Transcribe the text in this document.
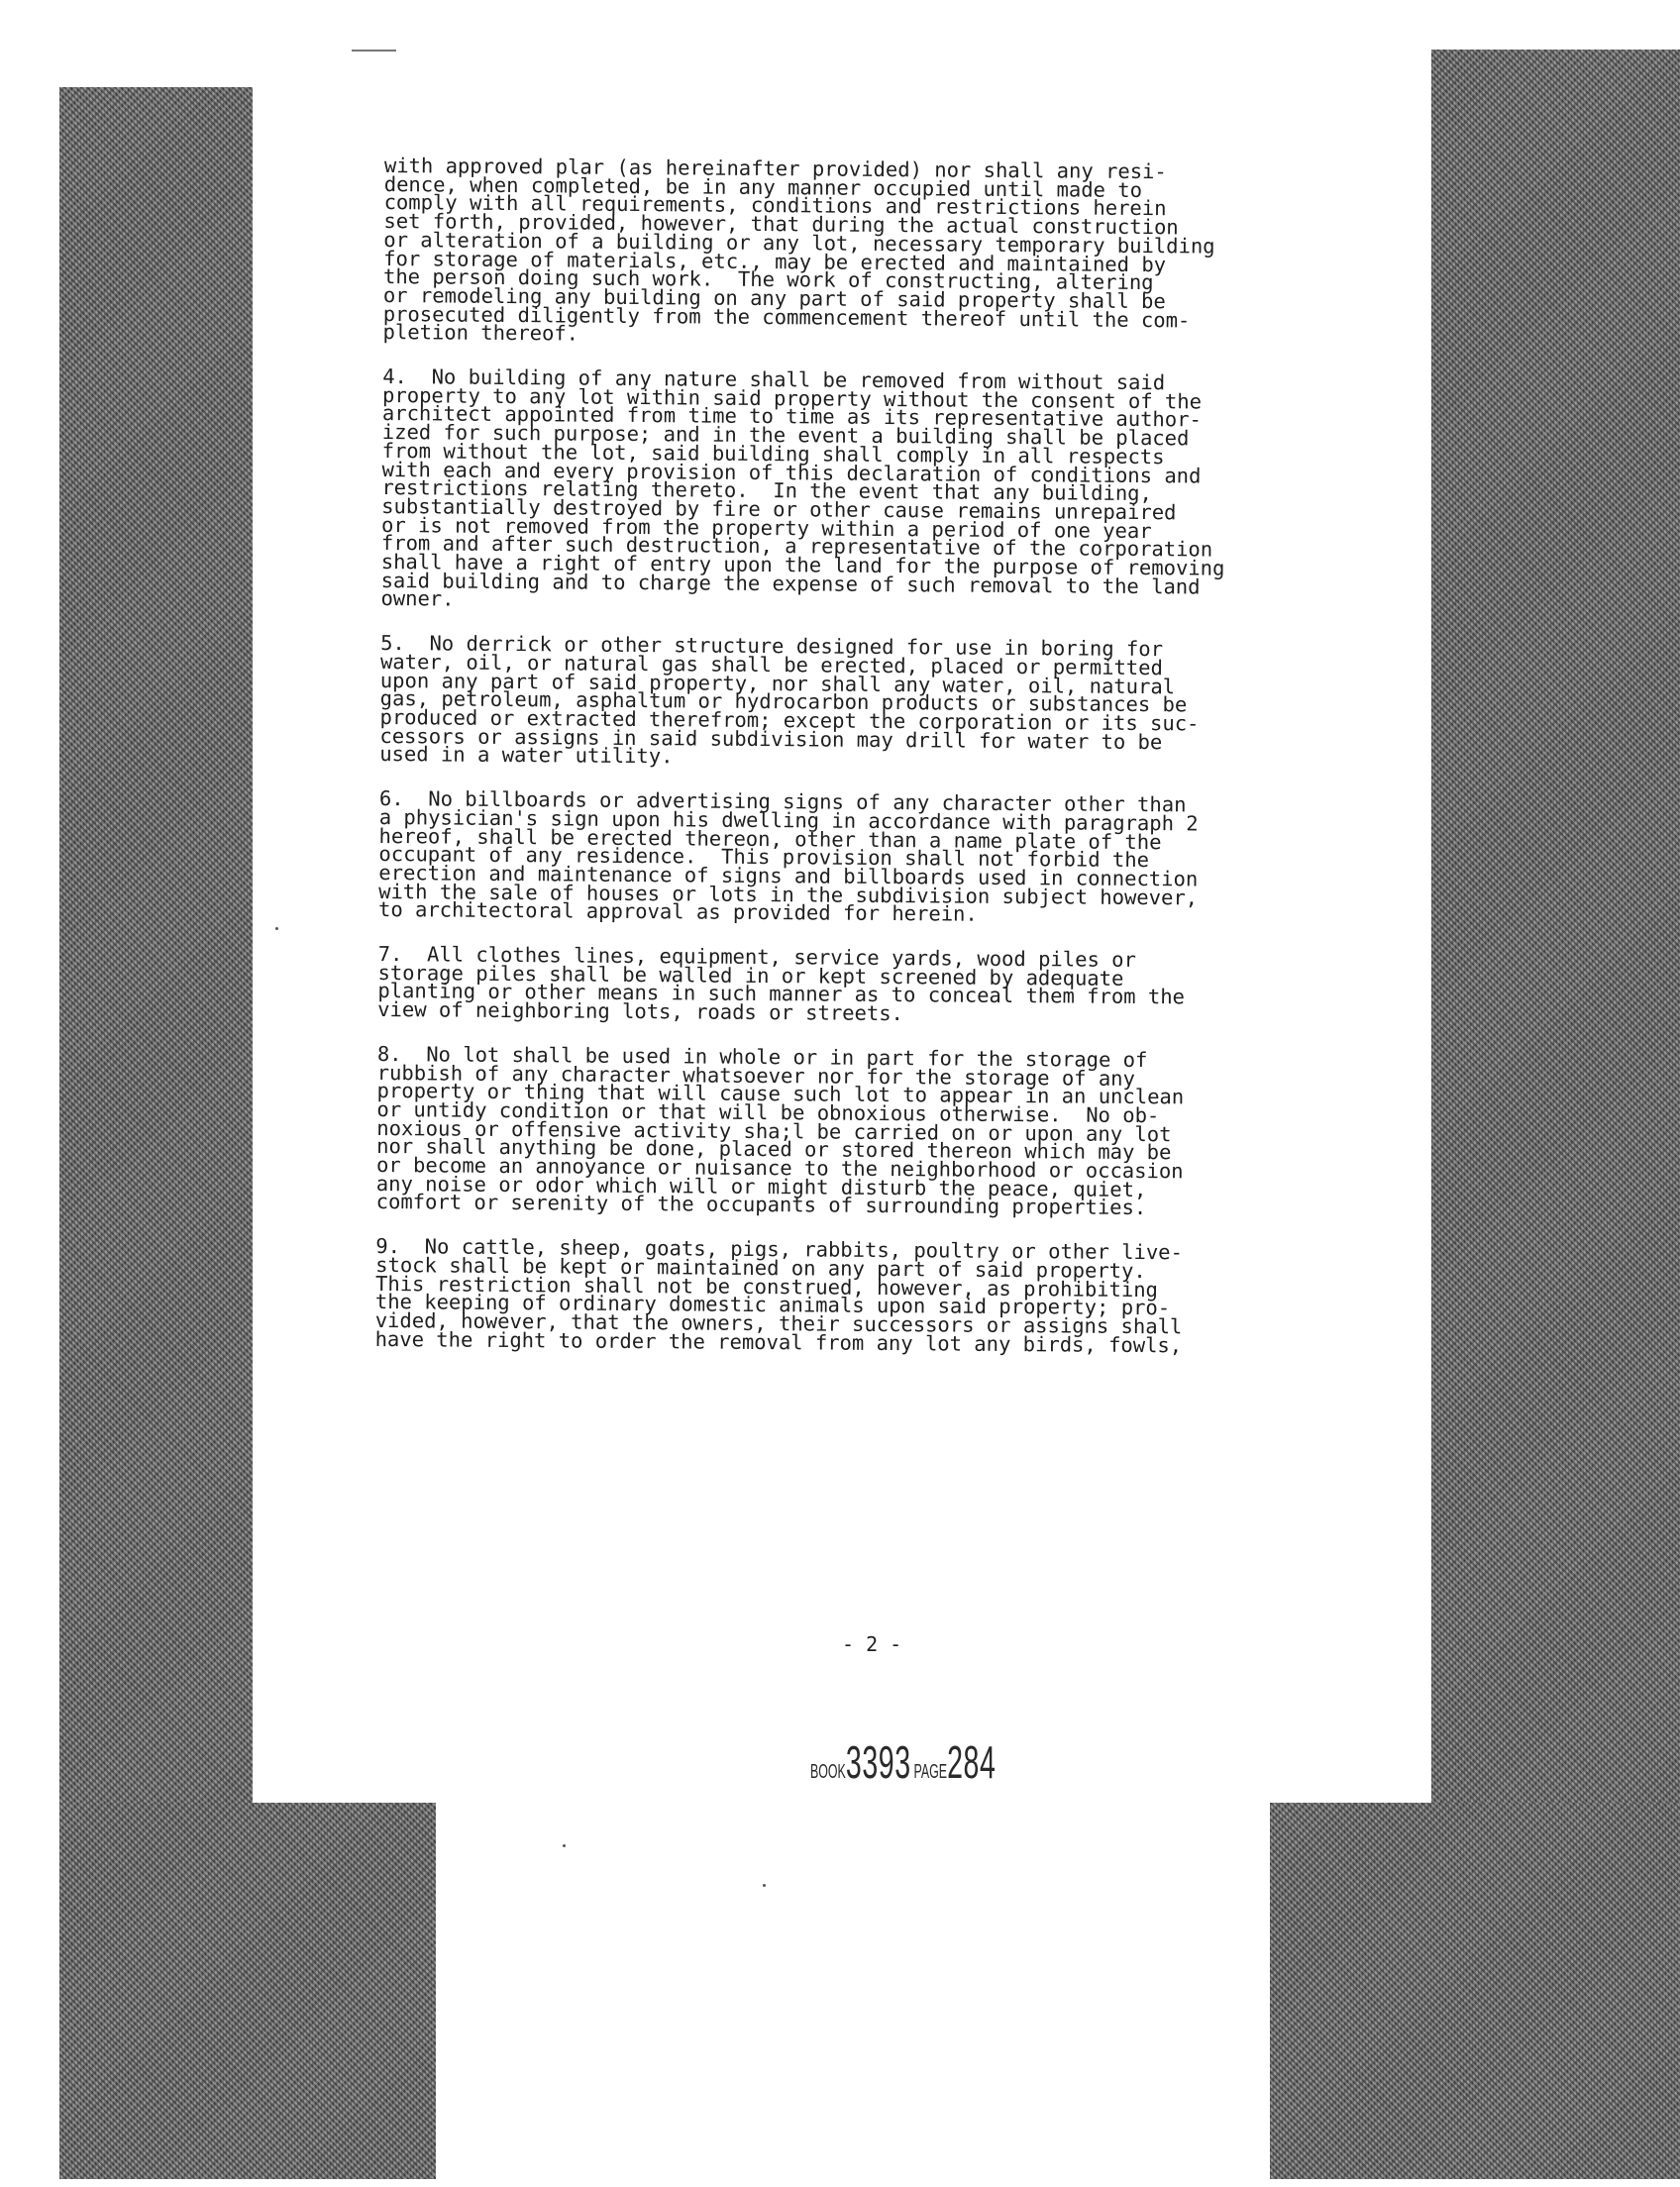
with approved plar (as hereinafter provided) nor shall any resi-
dence, when completed, be in any manner occupied until made to
comply with all requirements, conditions and restrictions herein
set forth, provided, however, that during the actual construction
or alteration of a building or any lot, necessary temporary building
for storage of materials, etc., may be erected and maintained by
the person doing such work.  The work of constructing, altering
or remodeling any building on any part of said property shall be
prosecuted diligently from the commencement thereof until the com-
pletion thereof.

4.  No building of any nature shall be removed from without said
property to any lot within said property without the consent of the
architect appointed from time to time as its representative author-
ized for such purpose; and in the event a building shall be placed
from without the lot, said building shall comply in all respects
with each and every provision of this declaration of conditions and
restrictions relating thereto.  In the event that any building,
substantially destroyed by fire or other cause remains unrepaired
or is not removed from the property within a period of one year
from and after such destruction, a representative of the corporation
shall have a right of entry upon the land for the purpose of removing
said building and to charge the expense of such removal to the land
owner.

5.  No derrick or other structure designed for use in boring for
water, oil, or natural gas shall be erected, placed or permitted
upon any part of said property, nor shall any water, oil, natural
gas, petroleum, asphaltum or hydrocarbon products or substances be
produced or extracted therefrom; except the corporation or its suc-
cessors or assigns in said subdivision may drill for water to be
used in a water utility.

6.  No billboards or advertising signs of any character other than
a physician's sign upon his dwelling in accordance with paragraph 2
hereof, shall be erected thereon, other than a name plate of the
occupant of any residence.  This provision shall not forbid the
erection and maintenance of signs and billboards used in connection
with the sale of houses or lots in the subdivision subject however,
to architectoral approval as provided for herein.

7.  All clothes lines, equipment, service yards, wood piles or
storage piles shall be walled in or kept screened by adequate
planting or other means in such manner as to conceal them from the
view of neighboring lots, roads or streets.

8.  No lot shall be used in whole or in part for the storage of
rubbish of any character whatsoever nor for the storage of any
property or thing that will cause such lot to appear in an unclean
or untidy condition or that will be obnoxious otherwise.  No ob-
noxious or offensive activity sha;l be carried on or upon any lot
nor shall anything be done, placed or stored thereon which may be
or become an annoyance or nuisance to the neighborhood or occasion
any noise or odor which will or might disturb the peace, quiet,
comfort or serenity of the occupants of surrounding properties.

9.  No cattle, sheep, goats, pigs, rabbits, poultry or other live-
stock shall be kept or maintained on any part of said property.
This restriction shall not be construed, however, as prohibiting
the keeping of ordinary domestic animals upon said property; pro-
vided, however, that the owners, their successors or assigns shall
have the right to order the removal from any lot any birds, fowls,

- 2 -
BOOK3393 PAGE284
